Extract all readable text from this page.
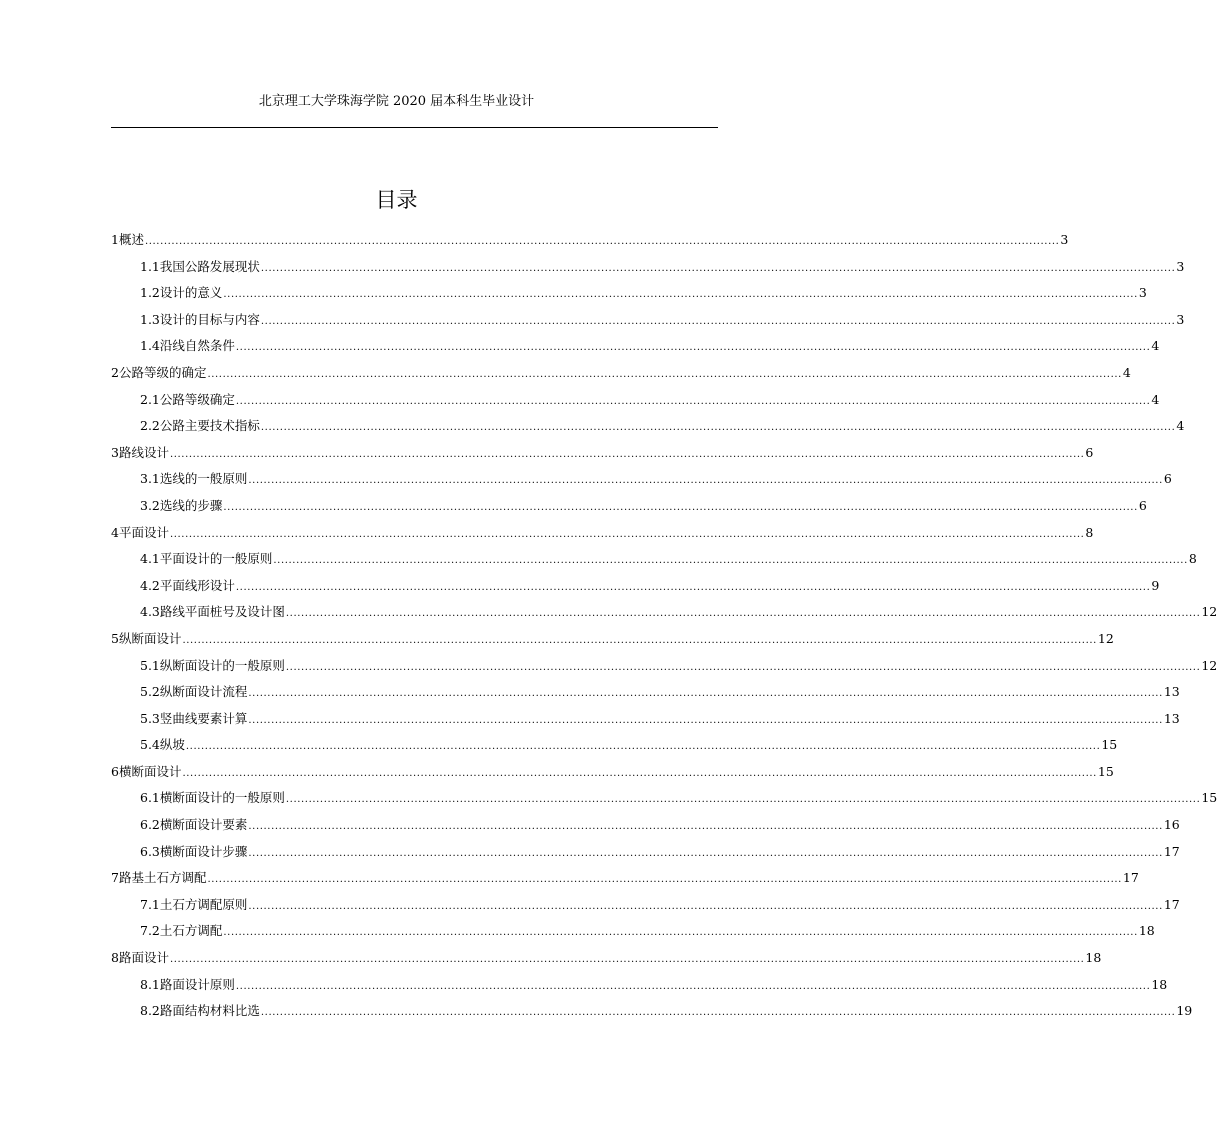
北京理工大学珠海学院 2020 届本科生毕业设计
目录
1 概述 .................................................................................................................................................................................................................................................. 3
1.1 我国公路发展现状 .................................................................................................................................................................................................................................................. 3
1.2 设计的意义 .................................................................................................................................................................................................................................................. 3
1.3 设计的目标与内容 .................................................................................................................................................................................................................................................. 3
1.4 沿线自然条件 .................................................................................................................................................................................................................................................. 4
2 公路等级的确定 .................................................................................................................................................................................................................................................. 4
2.1 公路等级确定 .................................................................................................................................................................................................................................................. 4
2.2 公路主要技术指标 .................................................................................................................................................................................................................................................. 4
3 路线设计 .................................................................................................................................................................................................................................................. 6
3.1 选线的一般原则 .................................................................................................................................................................................................................................................. 6
3.2 选线的步骤 .................................................................................................................................................................................................................................................. 6
4 平面设计 .................................................................................................................................................................................................................................................. 8
4.1 平面设计的一般原则 .................................................................................................................................................................................................................................................. 8
4.2 平面线形设计 .................................................................................................................................................................................................................................................. 9
4.3 路线平面桩号及设计图 .................................................................................................................................................................................................................................................. 12
5 纵断面设计 .................................................................................................................................................................................................................................................. 12
5.1 纵断面设计的一般原则 .................................................................................................................................................................................................................................................. 12
5.2 纵断面设计流程 .................................................................................................................................................................................................................................................. 13
5.3 竖曲线要素计算 .................................................................................................................................................................................................................................................. 13
5.4 纵坡 .................................................................................................................................................................................................................................................. 15
6 横断面设计 .................................................................................................................................................................................................................................................. 15
6.1 横断面设计的一般原则 .................................................................................................................................................................................................................................................. 15
6.2 横断面设计要素 .................................................................................................................................................................................................................................................. 16
6.3 横断面设计步骤 .................................................................................................................................................................................................................................................. 17
7 路基土石方调配 .................................................................................................................................................................................................................................................. 17
7.1 土石方调配原则 .................................................................................................................................................................................................................................................. 17
7.2 土石方调配 .................................................................................................................................................................................................................................................. 18
8 路面设计 .................................................................................................................................................................................................................................................. 18
8.1 路面设计原则 .................................................................................................................................................................................................................................................. 18
8.2 路面结构材料比选 .................................................................................................................................................................................................................................................. 19
